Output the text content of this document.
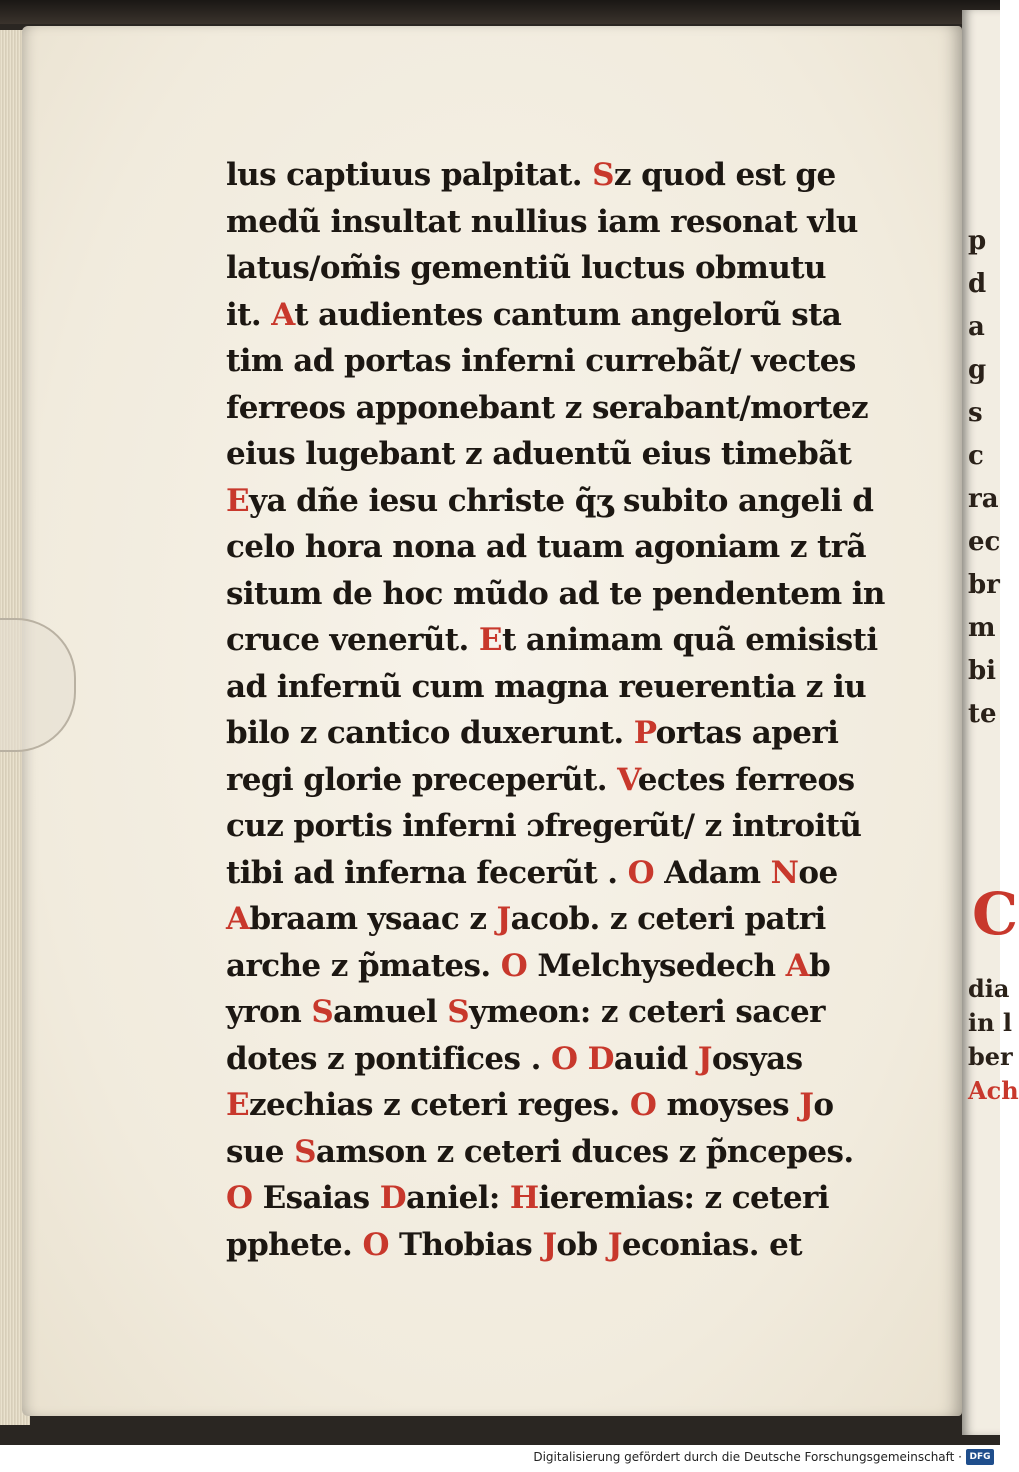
p
d
a
g
s
c
ra
ec
br
m
bi
te
C
dia
in l
ber
Ach
lus captiuus palpitat. Sz quod est ge
medũ insultat nullius iam resonat vlu
latus/om̃is gementiũ luctus obmutu
it. At audientes cantum angelorũ sta
tim ad portas inferni currebãt/ vectes
ferreos apponebant z serabant/mortez
eius lugebant z aduentũ eius timebãt
Eya dñe iesu christe q̃ʒ subito angeli d
celo hora nona ad tuam agoniam z trã
situm de hoc mũdo ad te pendentem in
cruce venerũt. Et animam quã emisisti
ad infernũ cum magna reuerentia z iu
bilo z cantico duxerunt. Portas aperi
regi glorie preceperũt. Vectes ferreos
cuz portis inferni ɔfregerũt/ z introitũ
tibi ad inferna fecerũt . O Adam Noe
Abraam ysaac z Jacob. z ceteri patri
arche z p̃mates. O Melchysedech Ab
yron Samuel Symeon: z ceteri sacer
dotes z pontifices . O Dauid Josyas
Ezechias z ceteri reges. O moyses Jo
sue Samson z ceteri duces z p̃ncepes.
O Esaias Daniel: Hieremias: z ceteri
pphete. O Thobias Job Jeconias. et
Digitalisierung gefördert durch die Deutsche Forschungsgemeinschaft · DFG
